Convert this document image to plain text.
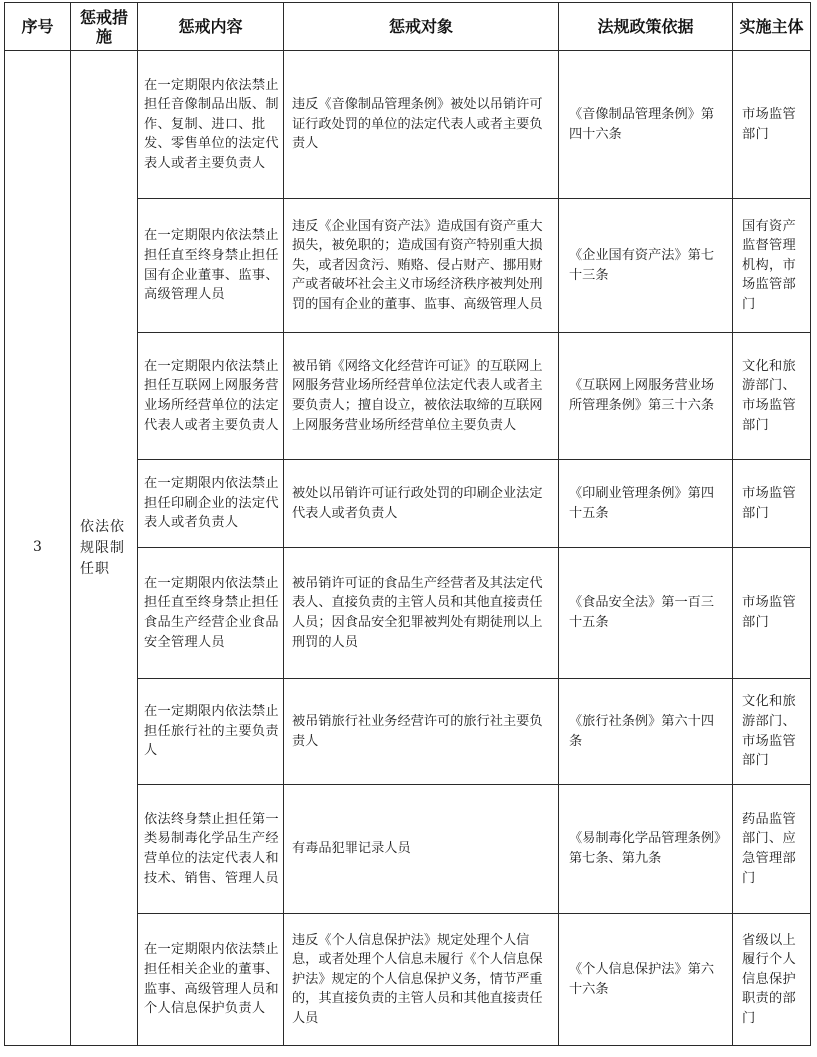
序号	惩戒措施	惩戒内容	惩戒对象	法规政策依据	实施主体
3	依法依规限制任职	在一定期限内依法禁止担任音像制品出版、制作、复制、进口、批发、零售单位的法定代表人或者主要负责人	违反《音像制品管理条例》被处以吊销许可证行政处罚的单位的法定代表人或者主要负责人	《音像制品管理条例》第四十六条	市场监管部门
		在一定期限内依法禁止担任直至终身禁止担任国有企业董事、监事、高级管理人员	违反《企业国有资产法》造成国有资产重大损失，被免职的；造成国有资产特别重大损失，或者因贪污、贿赂、侵占财产、挪用财产或者破坏社会主义市场经济秩序被判处刑罚的国有企业的董事、监事、高级管理人员	《企业国有资产法》第七十三条	国有资产监督管理机构，市场监管部门
		在一定期限内依法禁止担任互联网上网服务营业场所经营单位的法定代表人或者主要负责人	被吊销《网络文化经营许可证》的互联网上网服务营业场所经营单位法定代表人或者主要负责人；擅自设立，被依法取缔的互联网上网服务营业场所经营单位主要负责人	《互联网上网服务营业场所管理条例》第三十六条	文化和旅游部门、市场监管部门
		在一定期限内依法禁止担任印刷企业的法定代表人或者负责人	被处以吊销许可证行政处罚的印刷企业法定代表人或者负责人	《印刷业管理条例》第四十五条	市场监管部门
		在一定期限内依法禁止担任直至终身禁止担任食品生产经营企业食品安全管理人员	被吊销许可证的食品生产经营者及其法定代表人、直接负责的主管人员和其他直接责任人员；因食品安全犯罪被判处有期徒刑以上刑罚的人员	《食品安全法》第一百三十五条	市场监管部门
		在一定期限内依法禁止担任旅行社的主要负责人	被吊销旅行社业务经营许可的旅行社主要负责人	《旅行社条例》第六十四条	文化和旅游部门、市场监管部门
		依法终身禁止担任第一类易制毒化学品生产经营单位的法定代表人和技术、销售、管理人员	有毒品犯罪记录人员	《易制毒化学品管理条例》第七条、第九条	药品监管部门、应急管理部门
		在一定期限内依法禁止担任相关企业的董事、监事、高级管理人员和个人信息保护负责人	违反《个人信息保护法》规定处理个人信息，或者处理个人信息未履行《个人信息保护法》规定的个人信息保护义务，情节严重的，其直接负责的主管人员和其他直接责任人员	《个人信息保护法》第六十六条	省级以上履行个人信息保护职责的部门
